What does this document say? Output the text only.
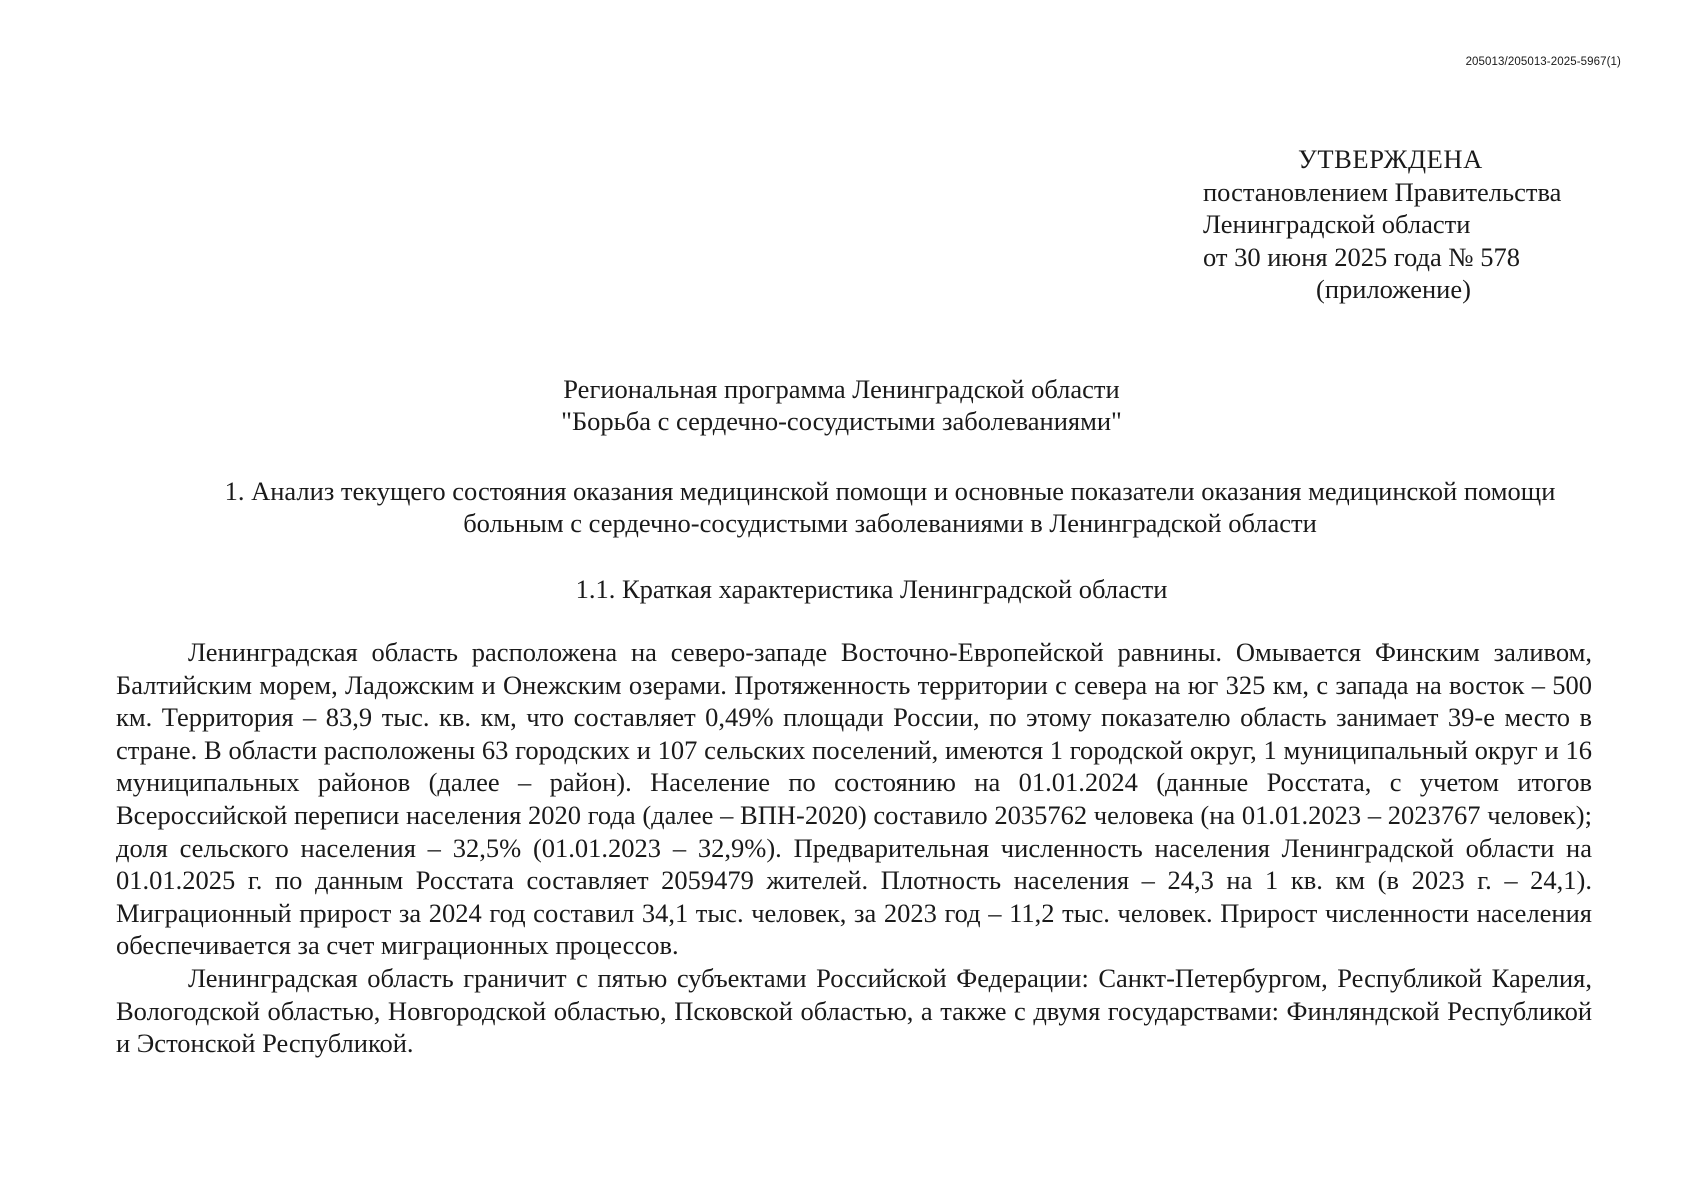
205013/205013-2025-5967(1)
УТВЕРЖДЕНА
постановлением Правительства
Ленинградской области
от 30 июня 2025 года № 578
(приложение)
Региональная программа Ленинградской области
"Борьба с сердечно-сосудистыми заболеваниями"
1. Анализ текущего состояния оказания медицинской помощи и основные показатели оказания медицинской помощи больным с сердечно-сосудистыми заболеваниями в Ленинградской области
1.1. Краткая характеристика Ленинградской области

Ленинградская область расположена на северо-западе Восточно-Европейской равнины. Омывается Финским заливом, Балтийским морем, Ладожским и Онежским озерами. Протяженность территории с севера на юг 325 км, с запада на восток – 500 км. Территория – 83,9 тыс. кв. км, что составляет 0,49% площади России, по этому показателю область занимает 39-е место в стране. В области расположены 63 городских и 107 сельских поселений, имеются 1 городской округ, 1 муниципальный округ и 16 муниципальных районов (далее – район). Население по состоянию на 01.01.2024 (данные Росстата, с учетом итогов Всероссийской переписи населения 2020 года (далее – ВПН-2020) составило 2035762 человека (на 01.01.2023 – 2023767 человек); доля сельского населения – 32,5% (01.01.2023 – 32,9%). Предварительная численность населения Ленинградской области на 01.01.2025 г. по данным Росстата составляет 2059479 жителей. Плотность населения – 24,3 на 1 кв. км (в 2023 г. – 24,1). Миграционный прирост за 2024 год составил 34,1 тыс. человек, за 2023 год – 11,2 тыс. человек. Прирост численности населения обеспечивается за счет миграционных процессов.

Ленинградская область граничит с пятью субъектами Российской Федерации: Санкт-Петербургом, Республикой Карелия, Вологодской областью, Новгородской областью, Псковской областью, а также с двумя государствами: Финляндской Республикой и Эстонской Республикой.
